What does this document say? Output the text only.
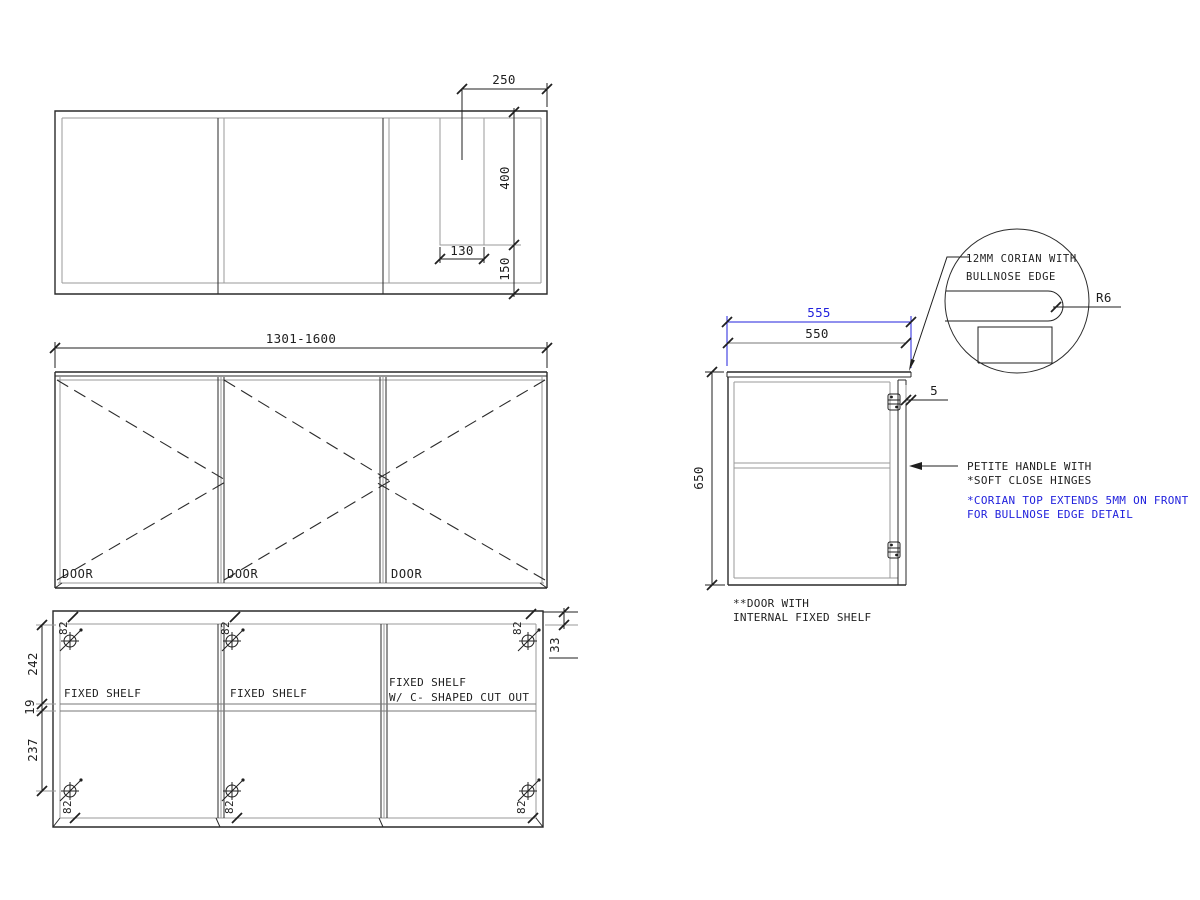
250
400
150
130
1301-1600
DOOR	DOOR	DOOR
82	82	82
82	82	82
242
19
237
33
FIXED SHELF	FIXED SHELF
FIXED SHELF
W/ C- SHAPED CUT OUT
555
550
650
5
R6
12MM CORIAN WITH
BULLNOSE EDGE
PETITE HANDLE WITH
*SOFT CLOSE HINGES
*CORIAN TOP EXTENDS 5MM ON FRONT
FOR BULLNOSE EDGE DETAIL
**DOOR WITH
INTERNAL FIXED SHELF
